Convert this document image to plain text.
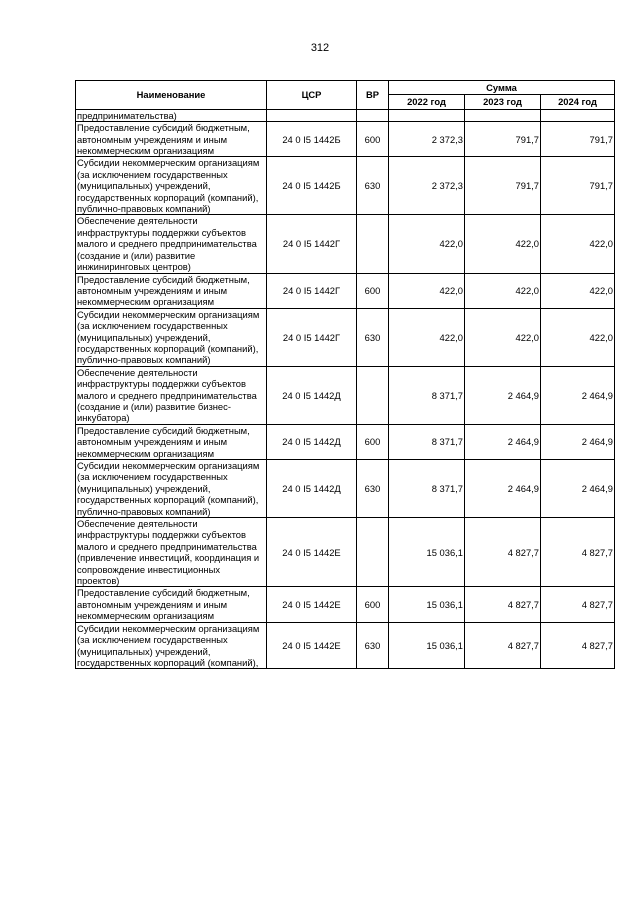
312
Наименование	ЦСР	ВР	Сумма		
			2022 год	2023 год	2024 год
предпринимательства)					
Предоставление субсидий бюджетным, автономным учреждениям и иным некоммерческим организациям	24 0 I5 1442Б	600	2 372,3	791,7	791,7
Субсидии некоммерческим организациям (за исключением государственных (муниципальных) учреждений, государственных корпораций (компаний), публично-правовых компаний)	24 0 I5 1442Б	630	2 372,3	791,7	791,7
Обеспечение деятельности инфраструктуры поддержки субъектов малого и среднего предпринимательства (создание и (или) развитие инжиниринговых центров)	24 0 I5 1442Г		422,0	422,0	422,0
Предоставление субсидий бюджетным, автономным учреждениям и иным некоммерческим организациям	24 0 I5 1442Г	600	422,0	422,0	422,0
Субсидии некоммерческим организациям (за исключением государственных (муниципальных) учреждений, государственных корпораций (компаний), публично-правовых компаний)	24 0 I5 1442Г	630	422,0	422,0	422,0
Обеспечение деятельности инфраструктуры поддержки субъектов малого и среднего предпринимательства (создание и (или) развитие бизнес-инкубатора)	24 0 I5 1442Д		8 371,7	2 464,9	2 464,9
Предоставление субсидий бюджетным, автономным учреждениям и иным некоммерческим организациям	24 0 I5 1442Д	600	8 371,7	2 464,9	2 464,9
Субсидии некоммерческим организациям (за исключением государственных (муниципальных) учреждений, государственных корпораций (компаний), публично-правовых компаний)	24 0 I5 1442Д	630	8 371,7	2 464,9	2 464,9
Обеспечение деятельности инфраструктуры поддержки субъектов малого и среднего предпринимательства (привлечение инвестиций, координация и сопровождение инвестиционных проектов)	24 0 I5 1442Е		15 036,1	4 827,7	4 827,7
Предоставление субсидий бюджетным, автономным учреждениям и иным некоммерческим организациям	24 0 I5 1442Е	600	15 036,1	4 827,7	4 827,7
Субсидии некоммерческим организациям (за исключением государственных (муниципальных) учреждений, государственных корпораций (компаний),	24 0 I5 1442Е	630	15 036,1	4 827,7	4 827,7
